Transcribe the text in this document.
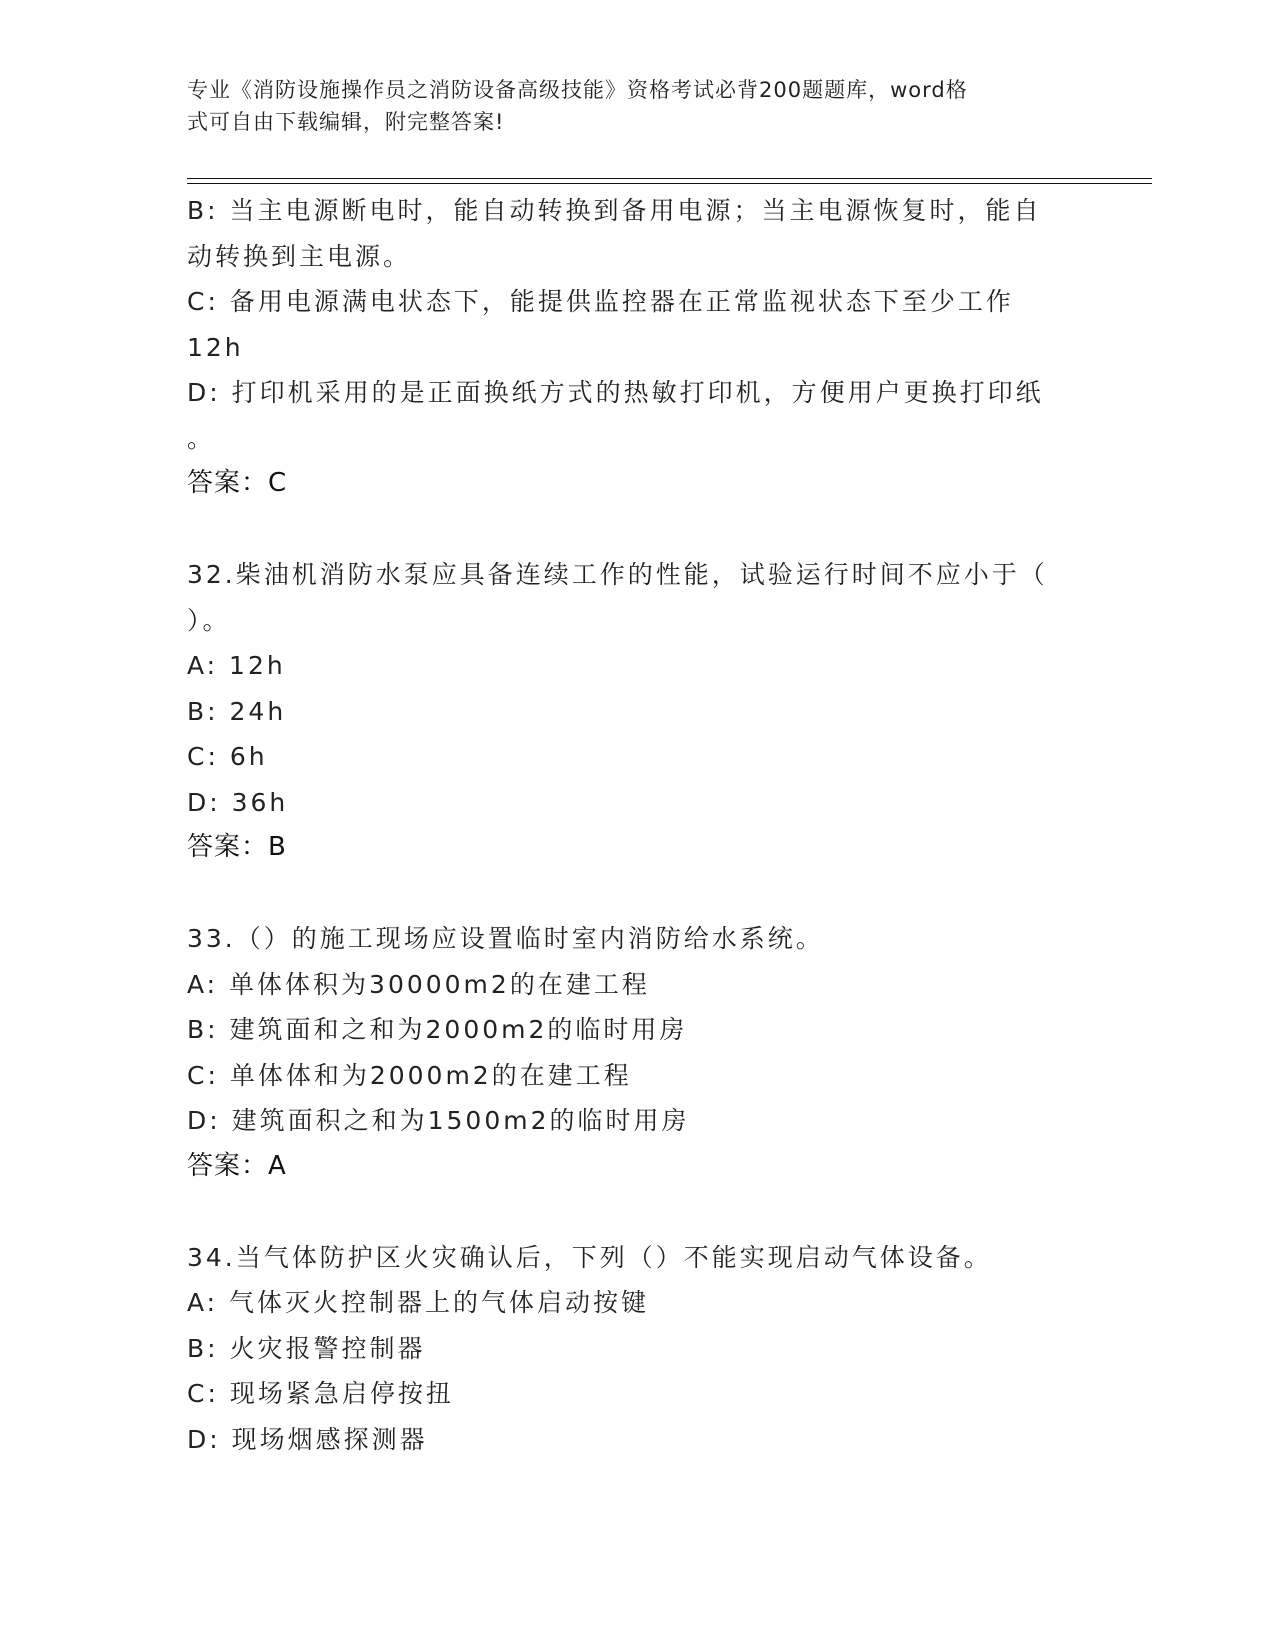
专业《消防设施操作员之消防设备高级技能》资格考试必背200题题库，word格
式可自由下载编辑，附完整答案!
B: 当主电源断电时，能自动转换到备用电源；当主电源恢复时，能自
动转换到主电源。
C: 备用电源满电状态下，能提供监控器在正常监视状态下至少工作
12h
D: 打印机采用的是正面换纸方式的热敏打印机，方便用户更换打印纸
。
答案：C
32.柴油机消防水泵应具备连续工作的性能，试验运行时间不应小于（
）。
A: 12h
B: 24h
C: 6h
D: 36h
答案：B
33.（）的施工现场应设置临时室内消防给水系统。
A: 单体体积为30000m2的在建工程
B: 建筑面和之和为2000m2的临时用房
C: 单体体和为2000m2的在建工程
D: 建筑面积之和为1500m2的临时用房
答案：A
34.当气体防护区火灾确认后，下列（）不能实现启动气体设备。
A: 气体灭火控制器上的气体启动按键
B: 火灾报警控制器
C: 现场紧急启停按扭
D: 现场烟感探测器
